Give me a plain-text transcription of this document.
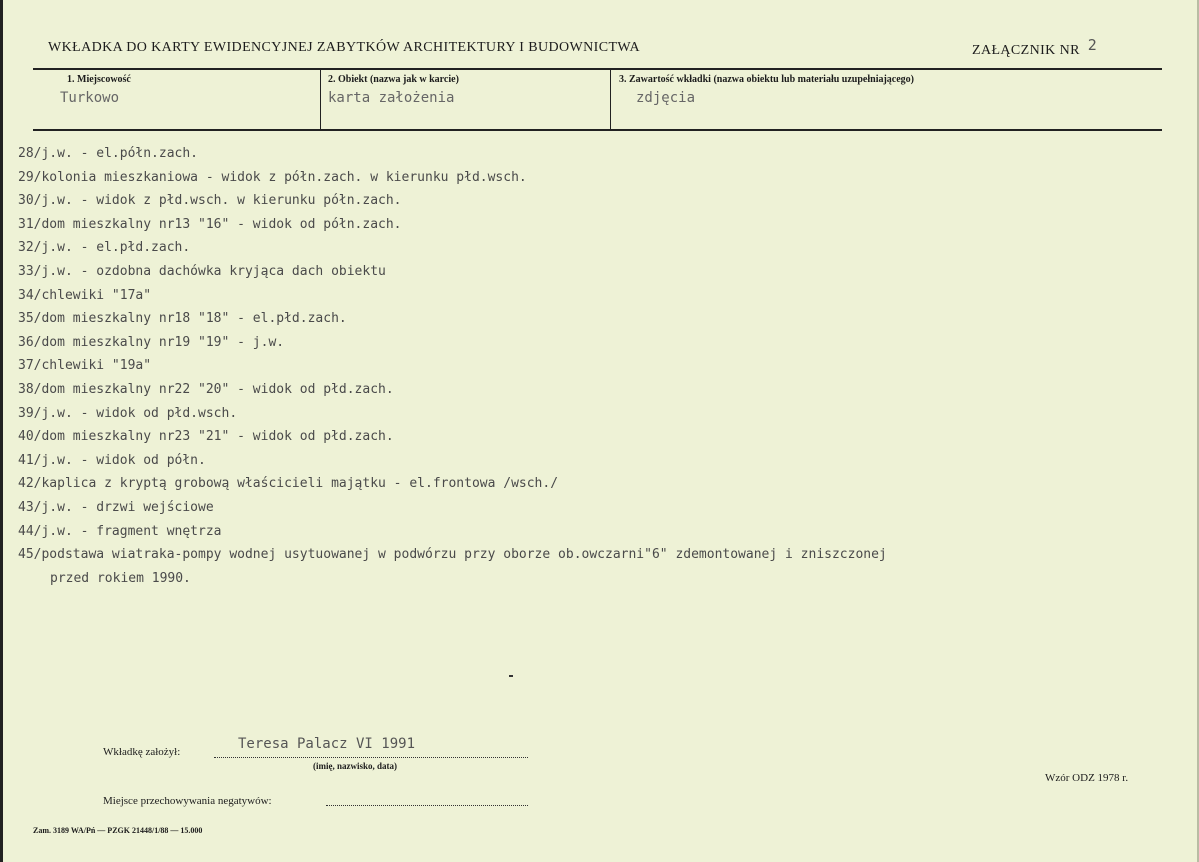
WKŁADKA DO KARTY EWIDENCYJNEJ ZABYTKÓW ARCHITEKTURY I BUDOWNICTWA	ZAŁĄCZNIK NR 2
1. Miejscowość
Turkowo
2. Obiekt (nazwa jak w karcie)
karta założenia
3. Zawartość wkładki (nazwa obiektu lub materiału uzupełniającego)
zdjęcia
28/j.w. - el.półn.zach.
29/kolonia mieszkaniowa - widok z półn.zach. w kierunku płd.wsch.
30/j.w. - widok z płd.wsch. w kierunku półn.zach.
31/dom mieszkalny nr13 "16" - widok od półn.zach.
32/j.w. - el.płd.zach.
33/j.w. - ozdobna dachówka kryjąca dach obiektu
34/chlewiki "17a"
35/dom mieszkalny nr18 "18" - el.płd.zach.
36/dom mieszkalny nr19 "19" - j.w.
37/chlewiki "19a"
38/dom mieszkalny nr22 "20" - widok od płd.zach.
39/j.w. - widok od płd.wsch.
40/dom mieszkalny nr23 "21" - widok od płd.zach.
41/j.w. - widok od półn.
42/kaplica z kryptą grobową właścicieli majątku - el.frontowa /wsch./
43/j.w. - drzwi wejściowe
44/j.w. - fragment wnętrza
45/podstawa wiatraka-pompy wodnej usytuowanej w podwórzu przy oborze ob.owczarni"6" zdemontowanej i zniszczonej
przed rokiem 1990.
Wkładkę założył:	Teresa Palacz VI 1991
(imię, nazwisko, data)
Wzór ODZ 1978 r.
Miejsce przechowywania negatywów:
Zam. 3189 WA/Pń — PZGK 21448/1/88 — 15.000
